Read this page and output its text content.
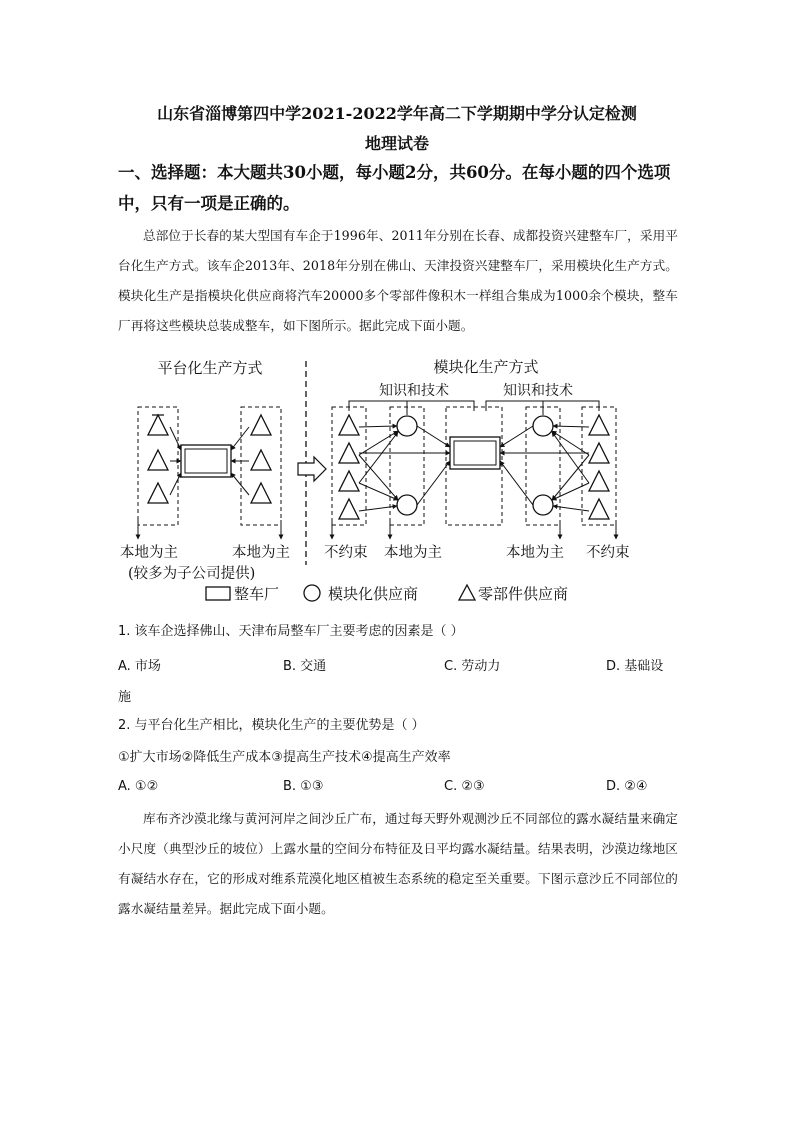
山东省淄博第四中学2021-2022学年高二下学期期中学分认定检测
地理试卷
一、选择题：本大题共30小题，每小题2分，共60分。在每小题的四个选项
中，只有一项是正确的。
总部位于长春的某大型国有车企于1996年、2011年分别在长春、成都投资兴建整车厂，采用平台化生产方式。该车企2013年、2018年分别在佛山、天津投资兴建整车厂，采用模块化生产方式。模块化生产是指模块化供应商将汽车20000多个零部件像积木一样组合集成为1000余个模块，整车厂再将这些模块总装成整车，如下图所示。据此完成下面小题。
平台化生产方式	模块化生产方式
知识和技术	知识和技术
本地为主
(较多为子公司提供)
本地为主 不约束 本地为主	本地为主 不约束
整车厂	模块化供应商	零部件供应商
1. 该车企选择佛山、天津布局整车厂主要考虑的因素是（ ）
A. 市场	B. 交通	C. 劳动力	D. 基础设
施
2. 与平台化生产相比，模块化生产的主要优势是（ ）
①扩大市场②降低生产成本③提高生产技术④提高生产效率
A. ①②	B. ①③	C. ②③	D. ②④
库布齐沙漠北缘与黄河河岸之间沙丘广布，通过每天野外观测沙丘不同部位的露水凝结量来确定小尺度（典型沙丘的坡位）上露水量的空间分布特征及日平均露水凝结量。结果表明，沙漠边缘地区有凝结水存在，它的形成对维系荒漠化地区植被生态系统的稳定至关重要。下图示意沙丘不同部位的露水凝结量差异。据此完成下面小题。
